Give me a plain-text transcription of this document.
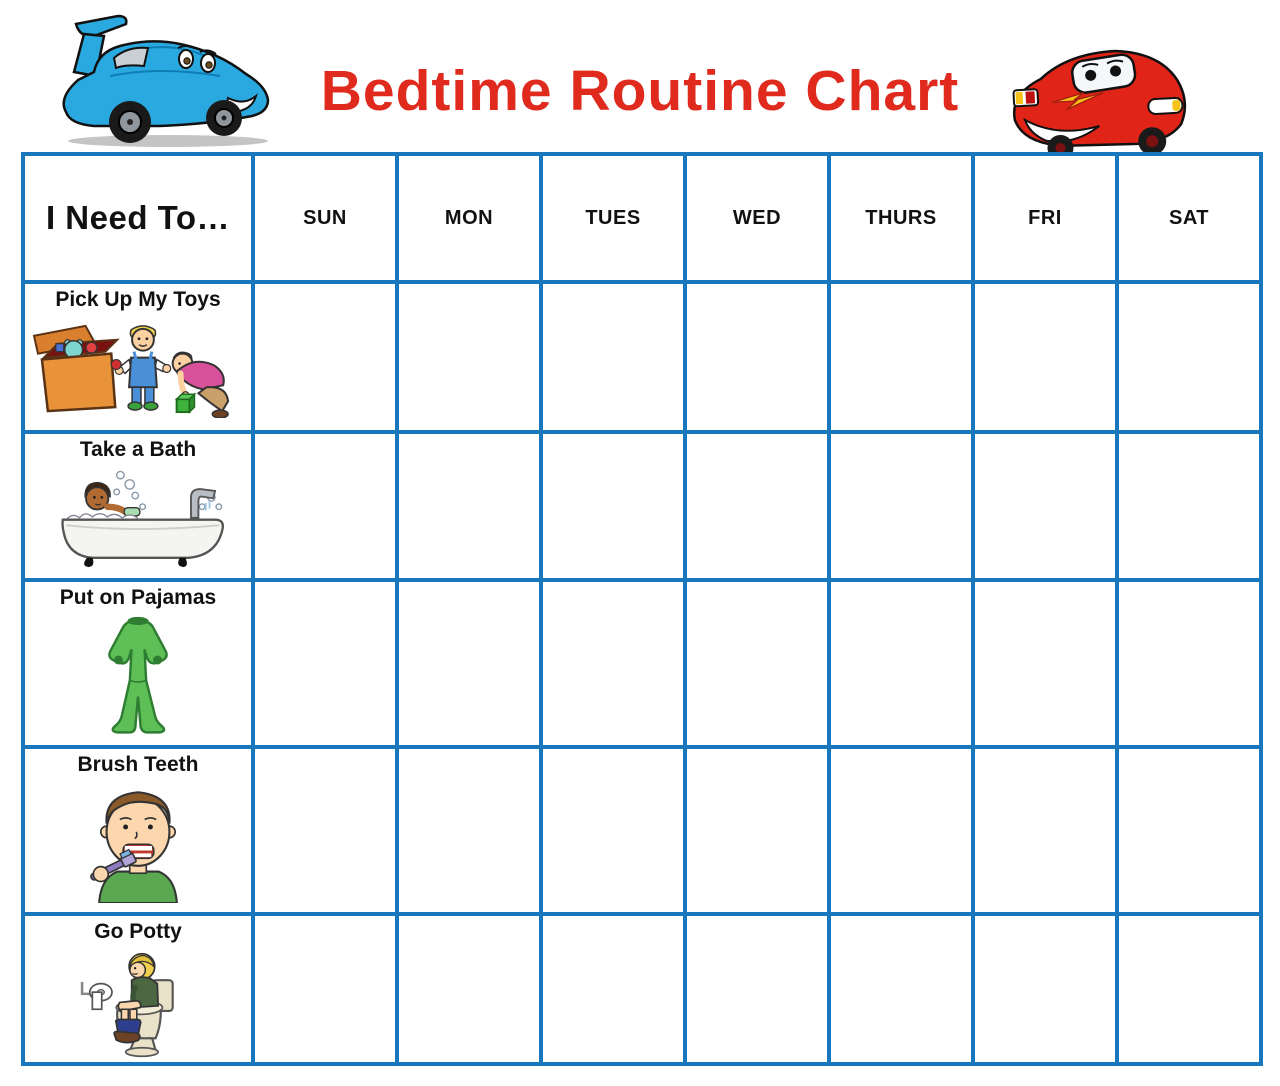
Bedtime Routine Chart
I Need To…	SUN	MON	TUES	WED	THURS	FRI	SAT

Pick Up My Toys							

Take a Bath							

Put on Pajamas							

Brush Teeth							

Go Potty							
